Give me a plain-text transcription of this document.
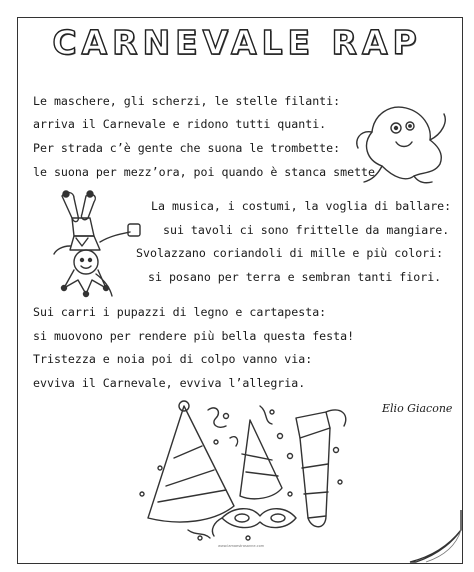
CARNEVALE RAP
Le maschere, gli scherzi, le stelle filanti:
arriva il Carnevale e ridono tutti quanti.
Per strada c’è gente che suona le trombette:
le suona per mezz’ora, poi quando è stanca smette
La musica, i costumi, la voglia di ballare:
sui tavoli ci sono frittelle da mangiare.
Svolazzano coriandoli di mille e più colori:
si posano per terra e sembran tanti fiori.
Sui carri i pupazzi di legno e cartapesta:
si muovono per rendere più bella questa festa!
Tristezza e noia poi di colpo vanno via:
evviva il Carnevale, evviva l’allegria.
Elio Giacone
www.lamaestrasanne.com
